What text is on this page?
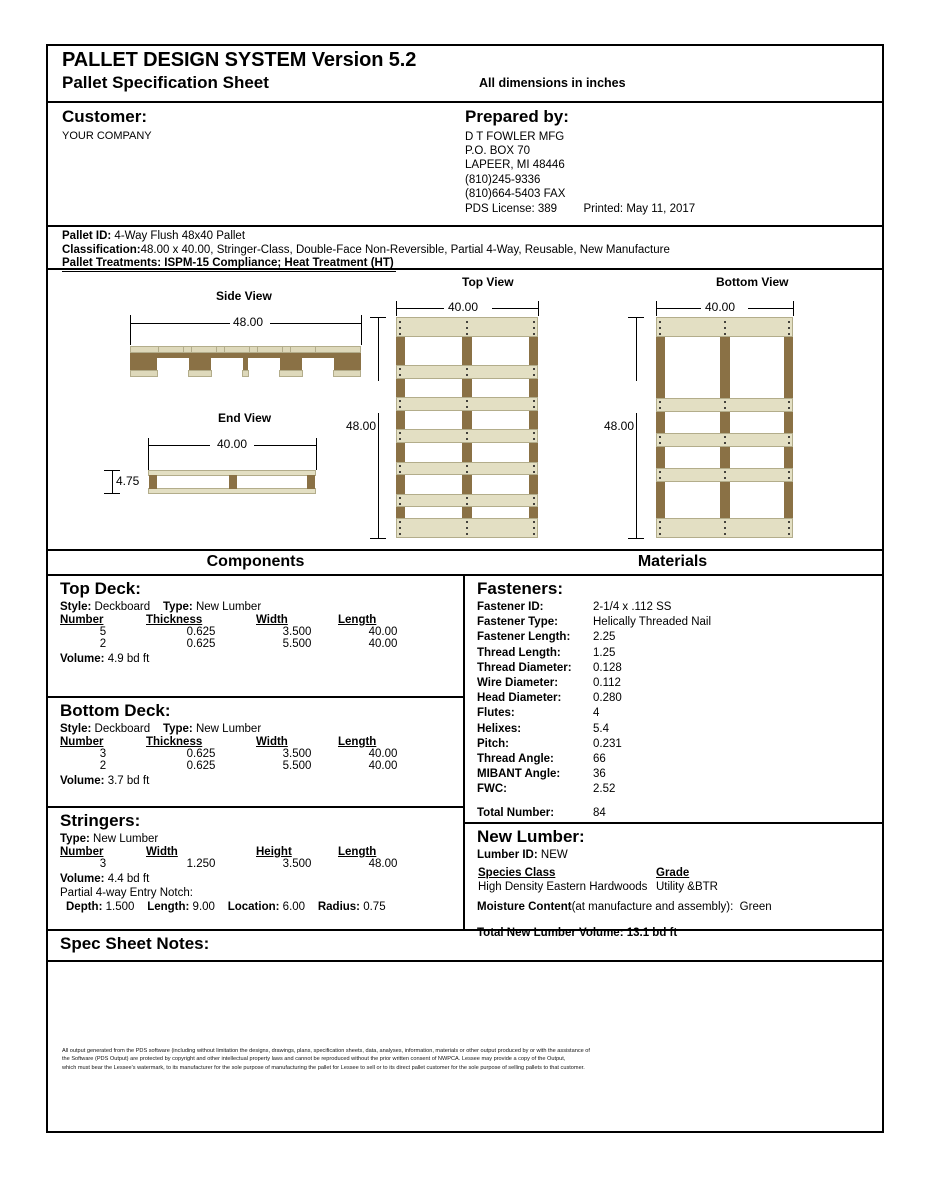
PALLET DESIGN SYSTEM Version 5.2
Pallet Specification Sheet	All dimensions in inches
Customer:
YOUR COMPANY
Prepared by:
D T FOWLER MFG
P.O. BOX 70
LAPEER, MI 48446
(810)245-9336
(810)664-5403 FAX
PDS License: 389 Printed: May 11, 2017
Pallet ID: 4-Way Flush 48x40 Pallet
Classification:48.00 x 40.00, Stringer-Class, Double-Face Non-Reversible, Partial 4-Way, Reusable, New Manufacture
Pallet Treatments: ISPM-15 Compliance; Heat Treatment (HT)
Side View
48.00
End View
40.00
4.75
Top View
40.00
48.00
Bottom View
40.00
48.00
Components	Materials
Top Deck:
Style: Deckboard Type: New Lumber
Number	Thickness	Width	Length
5	0.625	3.500	40.00
2	0.625	5.500	40.00
Volume: 4.9 bd ft
Bottom Deck:
Style: Deckboard Type: New Lumber
Number	Thickness	Width	Length
3	0.625	3.500	40.00
2	0.625	5.500	40.00
Volume: 3.7 bd ft
Stringers:
Type: New Lumber
Number	Width	Height	Length
3	1.250	3.500	48.00
Volume: 4.4 bd ft
Partial 4-way Entry Notch:
Depth: 1.500 Length: 9.00 Location: 6.00 Radius: 0.75
Fasteners:
Fastener ID:	2-1/4 x .112 SS
Fastener Type:	Helically Threaded Nail
Fastener Length: 2.25
Thread Length:	1.25
Thread Diameter: 0.128
Wire Diameter:	0.112
Head Diameter:	0.280
Flutes:	4
Helixes:	5.4
Pitch:	0.231
Thread Angle:	66
MIBANT Angle:	36
FWC:	2.52
Total Number:	84
New Lumber:
Lumber ID: NEW
Species Class	Grade
High Density Eastern Hardwoods	Utility &BTR
Moisture Content(at manufacture and assembly): Green
Total New Lumber Volume: 13.1 bd ft
Spec Sheet Notes:
All output generated from the PDS software (including without limitation the designs, drawings, plans, specification sheets, data, analyses, information, materials or other output produced by or with the assistance of
the Software (PDS Output) are protected by copyright and other intellectual property laws and cannot be reproduced without the prior written consent of NWPCA. Lessee may provide a copy of the Output,
which must bear the Lessee's watermark, to its manufacturer for the sole purpose of manufacturing the pallet for Lessee to sell or to its direct pallet customer for the sole purpose of selling pallets to that customer.
